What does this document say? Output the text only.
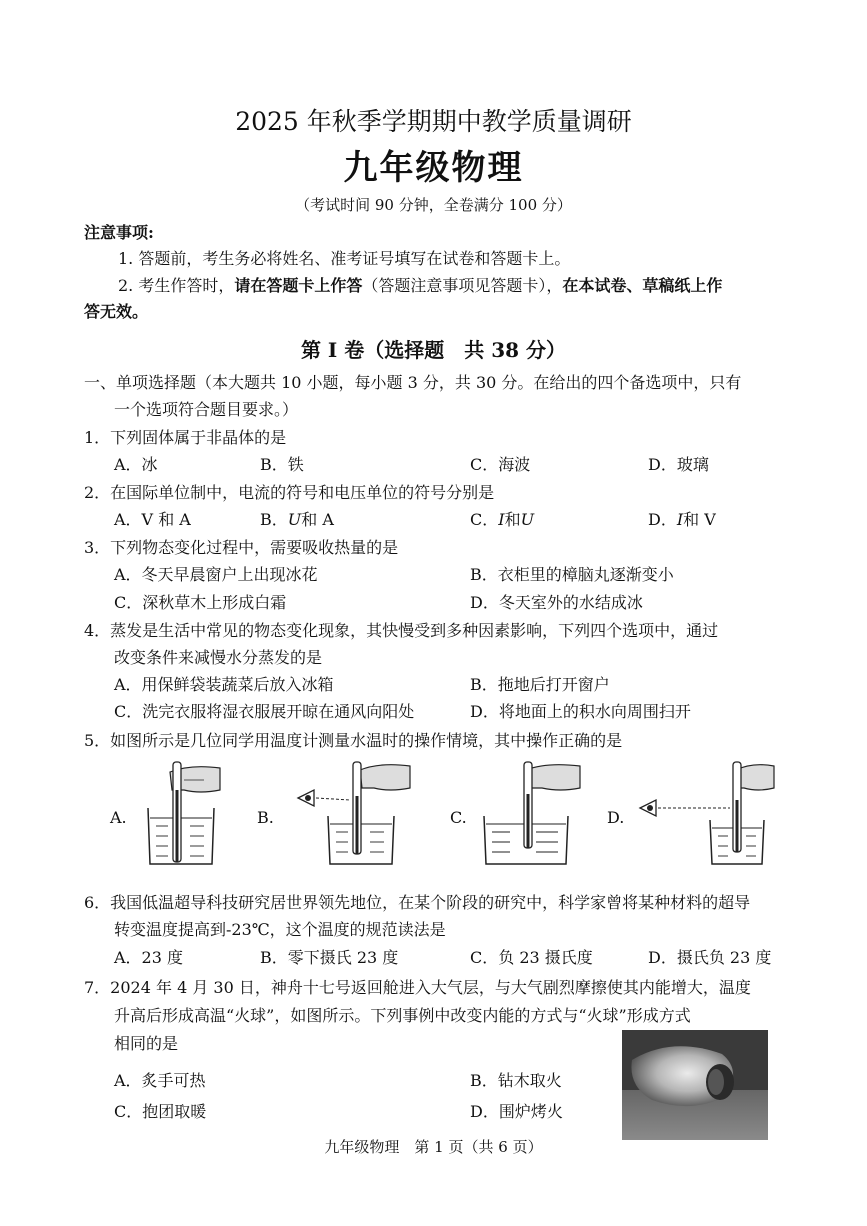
2025 年秋季学期期中教学质量调研
九年级物理
（考试时间 90 分钟，全卷满分 100 分）
注意事项:
1. 答题前，考生务必将姓名、准考证号填写在试卷和答题卡上。
2. 考生作答时，请在答题卡上作答（答题注意事项见答题卡），在本试卷、草稿纸上作
答无效。
第 I 卷（选择题　共 38 分）
一、单项选择题（本大题共 10 小题，每小题 3 分，共 30 分。在给出的四个备选项中，只有
一个选项符合题目要求。）
1．下列固体属于非晶体的是
A．冰	B．铁	C．海波	D．玻璃
2．在国际单位制中，电流的符号和电压单位的符号分别是
A．V 和 A	B．U和 A	C．I和U	D．I和 V
3．下列物态变化过程中，需要吸收热量的是
A．冬天早晨窗户上出现冰花	B．衣柜里的樟脑丸逐渐变小
C．深秋草木上形成白霜	D．冬天室外的水结成冰
4．蒸发是生活中常见的物态变化现象，其快慢受到多种因素影响，下列四个选项中，通过
改变条件来减慢水分蒸发的是
A．用保鲜袋装蔬菜后放入冰箱	B．拖地后打开窗户
C．洗完衣服将湿衣服展开晾在通风向阳处	D．将地面上的积水向周围扫开
5．如图所示是几位同学用温度计测量水温时的操作情境，其中操作正确的是
A.	B.	C.	D.
6．我国低温超导科技研究居世界领先地位，在某个阶段的研究中，科学家曾将某种材料的超导
转变温度提高到-23℃，这个温度的规范读法是
A．23 度	B．零下摄氏 23 度	C．负 23 摄氏度	D．摄氏负 23 度
7．2024 年 4 月 30 日，神舟十七号返回舱进入大气层，与大气剧烈摩擦使其内能增大，温度
升高后形成高温“火球”，如图所示。下列事例中改变内能的方式与“火球”形成方式
相同的是
A．炙手可热	B．钻木取火
C．抱团取暖	D．围炉烤火
九年级物理　第 1 页（共 6 页）
